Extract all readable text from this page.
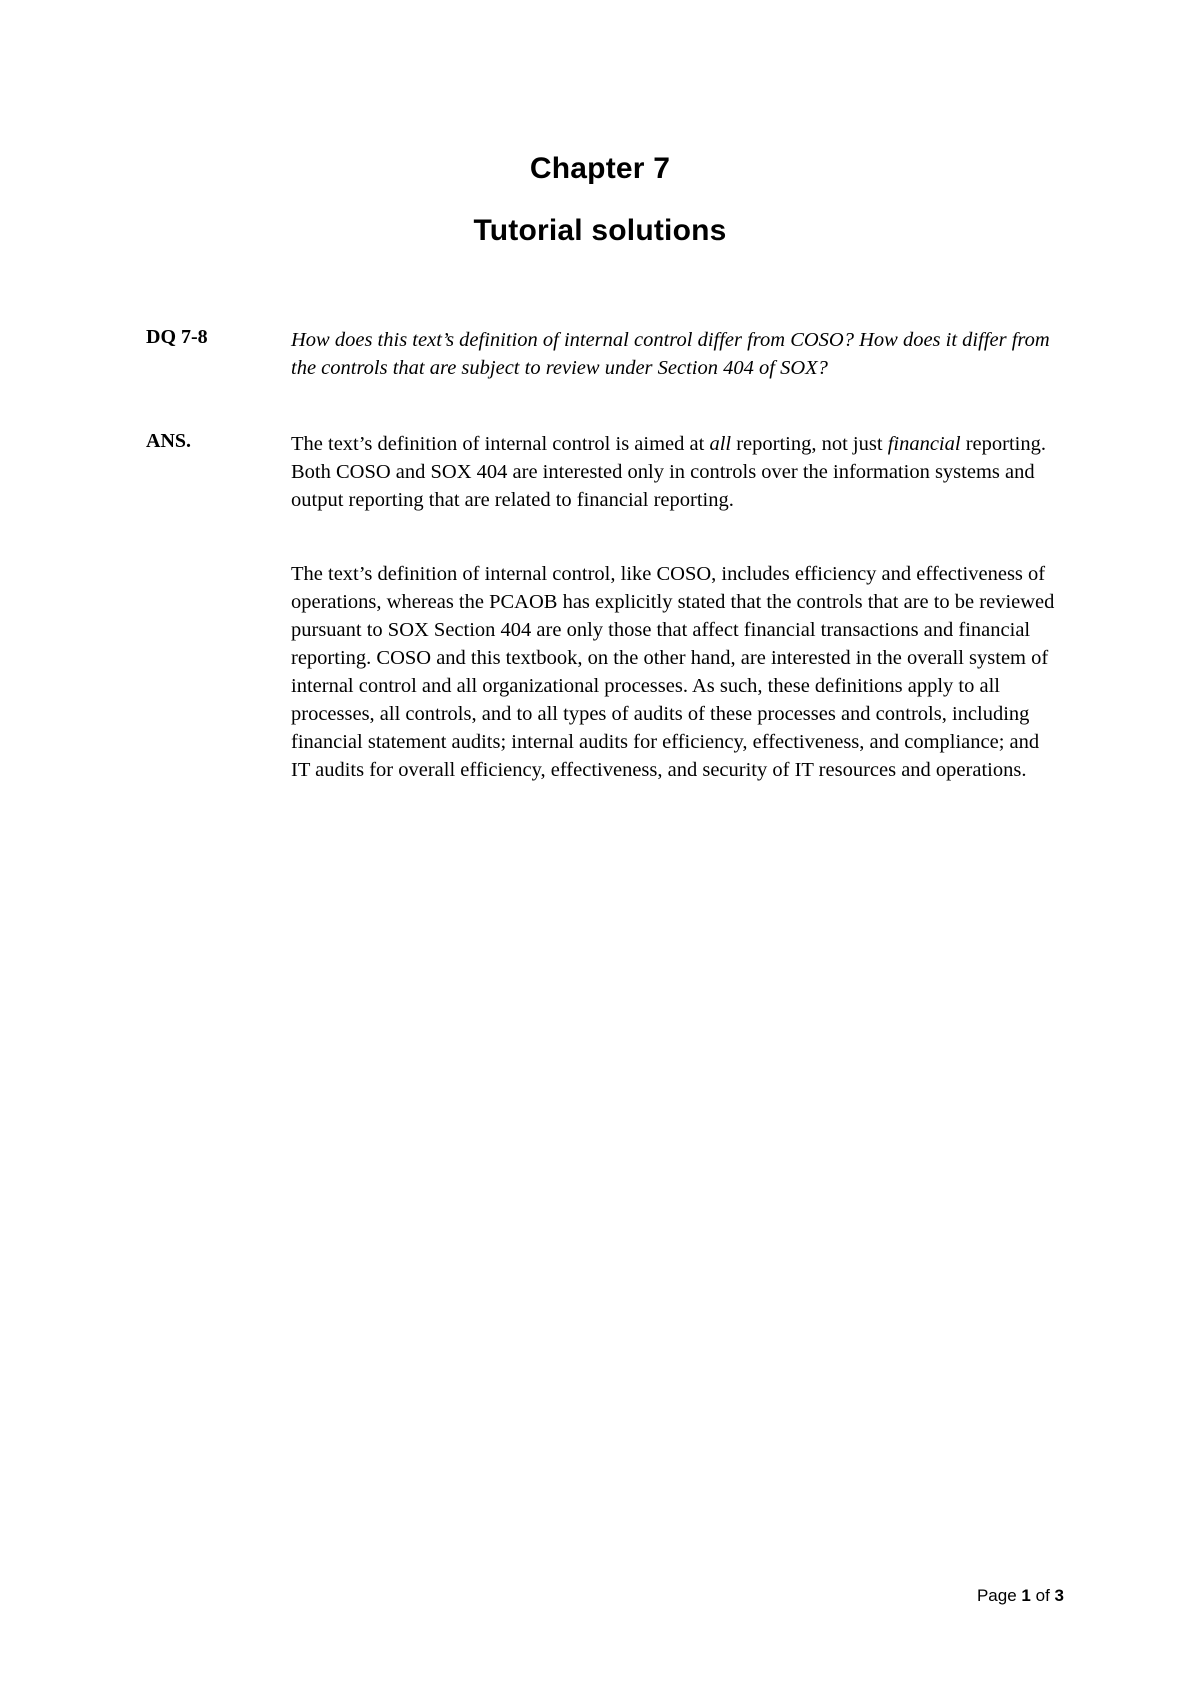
Chapter 7
Tutorial solutions
DQ 7-8	How does this text’s definition of internal control differ from COSO? How does it differ from the controls that are subject to review under Section 404 of SOX?
ANS.	The text’s definition of internal control is aimed at all reporting, not just financial reporting. Both COSO and SOX 404 are interested only in controls over the information systems and output reporting that are related to financial reporting.

The text’s definition of internal control, like COSO, includes efficiency and effectiveness of operations, whereas the PCAOB has explicitly stated that the controls that are to be reviewed pursuant to SOX Section 404 are only those that affect financial transactions and financial reporting. COSO and this textbook, on the other hand, are interested in the overall system of internal control and all organizational processes. As such, these definitions apply to all processes, all controls, and to all types of audits of these processes and controls, including financial statement audits; internal audits for efficiency, effectiveness, and compliance; and IT audits for overall efficiency, effectiveness, and security of IT resources and operations.

Page 1 of 3
